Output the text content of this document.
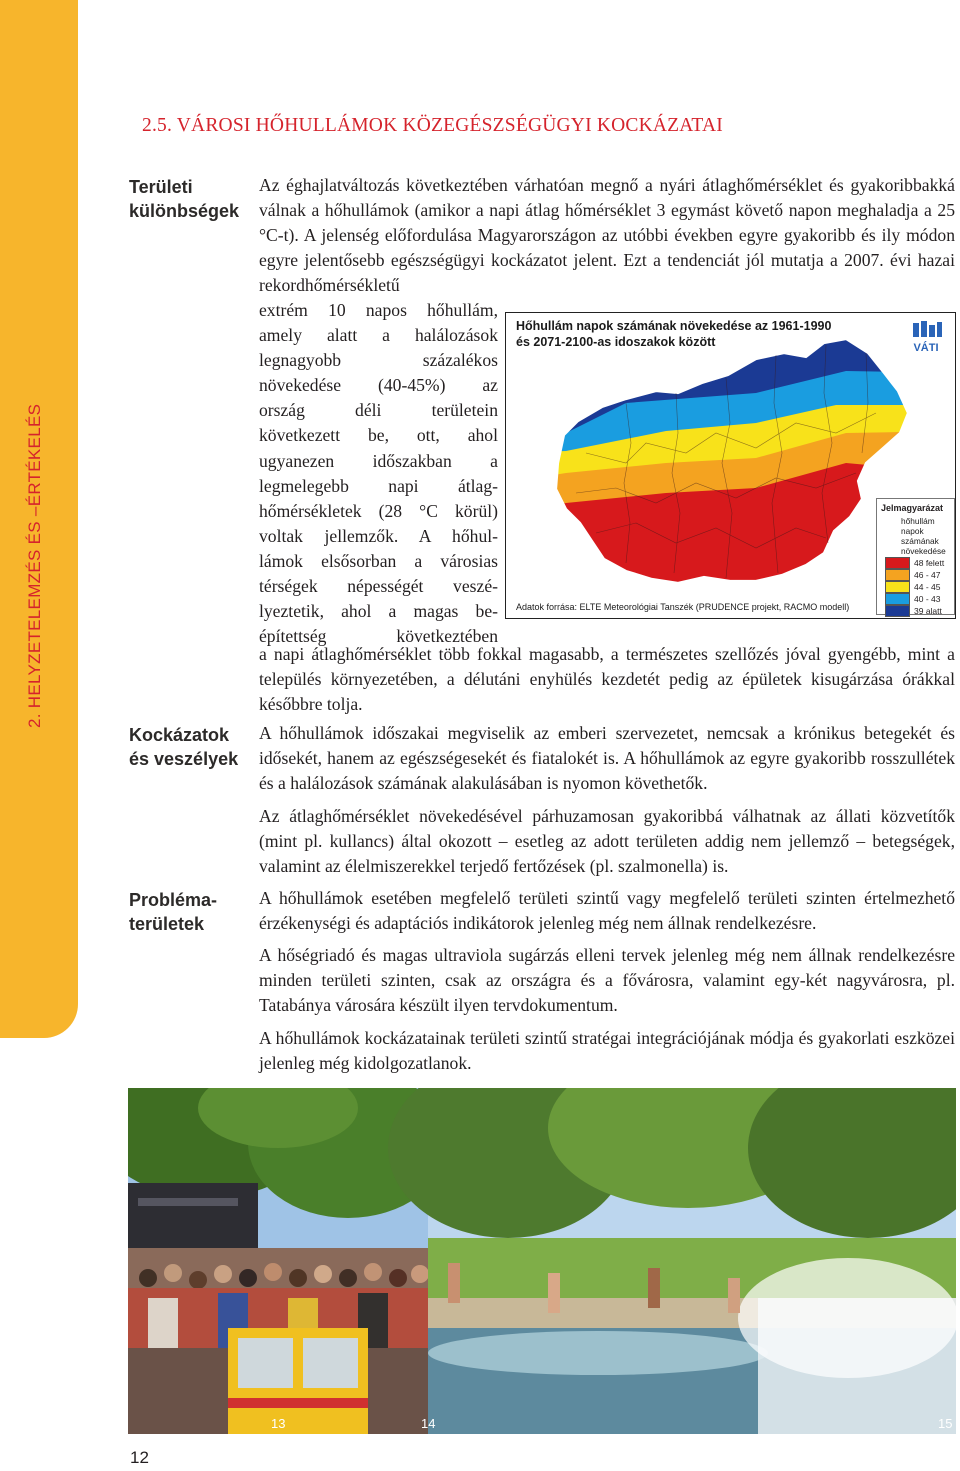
2. HELYZETELEMZÉS ÉS –ÉRTÉKELÉS
2.5. VÁROSI HŐHULLÁMOK KÖZEGÉSZSÉGÜGYI KOCKÁZATAI
Területi
különbségek
Kockázatok
és veszélyek
Probléma-
területek

Az éghajlatváltozás következtében várhatóan megnő a nyári átlaghőmérséklet és gyakoribbakká válnak a hőhullámok (amikor a napi átlag hőmérséklet 3 egymást követő napon meghaladja a 25 °C-t). A jelenség előfordulása Magyarországon az utóbbi években egyre gyakoribb és ily módon egyre jelentősebb egészségügyi kockázatot jelent. Ezt a tendenciát jól mutatja a 2007. évi hazai rekordhőmérsékletű

extrém 10 napos hőhullám,
amely alatt a halálozások
legnagyobb százalékos
növekedése (40-45%) az
ország déli területein
következett be, ott, ahol
ugyanezen időszakban a
legmelegebb napi átlag-
hőmérsékletek (28 °C körül)
voltak jellemzők. A hőhul-
lámok elsősorban a városias
térségek népességét veszé-
lyeztetik, ahol a magas be-
építettség következtében

a napi átlaghőmérséklet több fokkal magasabb, a természetes szellőzés jóval gyengébb, mint a település környezetében, a délutáni enyhülés kezdetét pedig az épületek kisugárzása órákkal későbbre tolja.

Hőhullám napok számának növekedése az 1961-1990
és 2071-2100-as idoszakok között	VÁTI
Jelmagyarázat
hőhullám
napok számának
növekedése
48 felett
46 - 47
44 - 45
40 - 43
39 alatt
Adatok forrása: ELTE Meteorológiai Tanszék (PRUDENCE projekt, RACMO modell)

A hőhullámok időszakai megviselik az emberi szervezetet, nemcsak a krónikus betegekét és idősekét, hanem az egészségesekét és fiatalokét is. A hőhullámok az egyre gyakoribb rosszullétek és a halálozások számának alakulásában is nyomon követhetők.

Az átlaghőmérséklet növekedésével párhuzamosan gyakoribbá válhatnak az állati közvetítők (mint pl. kullancs) által okozott – esetleg az adott területen addig nem jellemző – betegségek, valamint az élelmiszerekkel terjedő fertőzések (pl. szalmonella) is.

A hőhullámok esetében megfelelő területi szintű vagy megfelelő területi szinten értelmezhető érzékenységi és adaptációs indikátorok jelenleg még nem állnak rendelkezésre.

A hőségriadó és magas ultraviola sugárzás elleni tervek jelenleg még nem állnak rendelkezésre minden területi szinten, csak az országra és a fővárosra, valamint egy-két nagyvárosra, pl. Tatabánya városára készült ilyen tervdokumentum.

A hőhullámok kockázatainak területi szintű stratégai integrációjának módja és gyakorlati eszközei jelenleg még kidolgozatlanok.

13	14	15
12
